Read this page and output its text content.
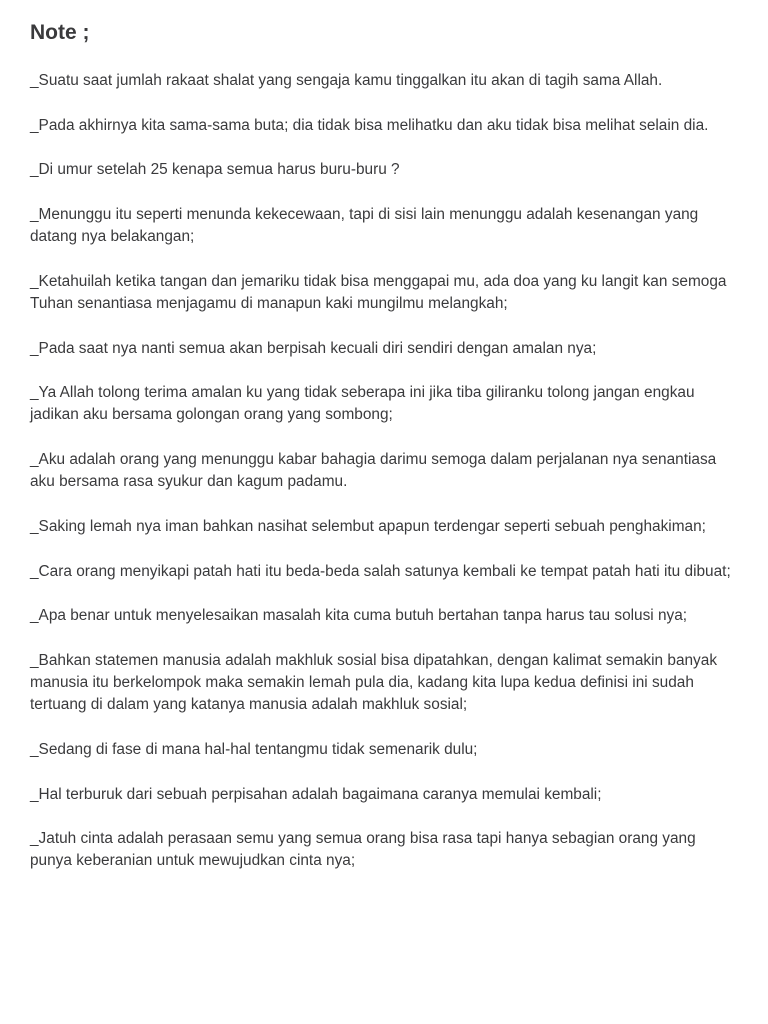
Note ;
_Suatu saat jumlah rakaat shalat yang sengaja kamu tinggalkan itu akan di tagih sama Allah.
_Pada akhirnya kita sama-sama buta; dia tidak bisa melihatku dan aku tidak bisa melihat selain dia.
_Di umur setelah 25 kenapa semua harus buru-buru ?
_Menunggu itu seperti menunda kekecewaan, tapi di sisi lain menunggu adalah kesenangan yang datang nya belakangan;
_Ketahuilah ketika tangan dan jemariku tidak bisa menggapai mu, ada doa yang ku langit kan semoga Tuhan senantiasa menjagamu di manapun kaki mungilmu melangkah;
_Pada saat nya nanti semua akan berpisah kecuali diri sendiri dengan amalan nya;
_Ya Allah tolong terima amalan ku yang tidak seberapa ini jika tiba giliranku tolong jangan engkau jadikan aku bersama golongan orang yang sombong;
_Aku adalah orang yang menunggu kabar bahagia darimu semoga dalam perjalanan nya senantiasa aku bersama rasa syukur dan kagum padamu.
_Saking lemah nya iman bahkan nasihat selembut apapun terdengar seperti sebuah penghakiman;
_Cara orang menyikapi patah hati itu beda-beda salah satunya kembali ke tempat patah hati itu dibuat;
_Apa benar untuk menyelesaikan masalah kita cuma butuh bertahan tanpa harus tau solusi nya;
_Bahkan statemen manusia adalah makhluk sosial bisa dipatahkan, dengan kalimat semakin banyak manusia itu berkelompok maka semakin lemah pula dia, kadang kita lupa kedua definisi ini sudah tertuang di dalam yang katanya manusia adalah makhluk sosial;
_Sedang di fase di mana hal-hal tentangmu tidak semenarik dulu;
_Hal terburuk dari sebuah perpisahan adalah bagaimana caranya memulai kembali;
_Jatuh cinta adalah perasaan semu yang semua orang bisa rasa tapi hanya sebagian orang yang punya keberanian untuk mewujudkan cinta nya;
